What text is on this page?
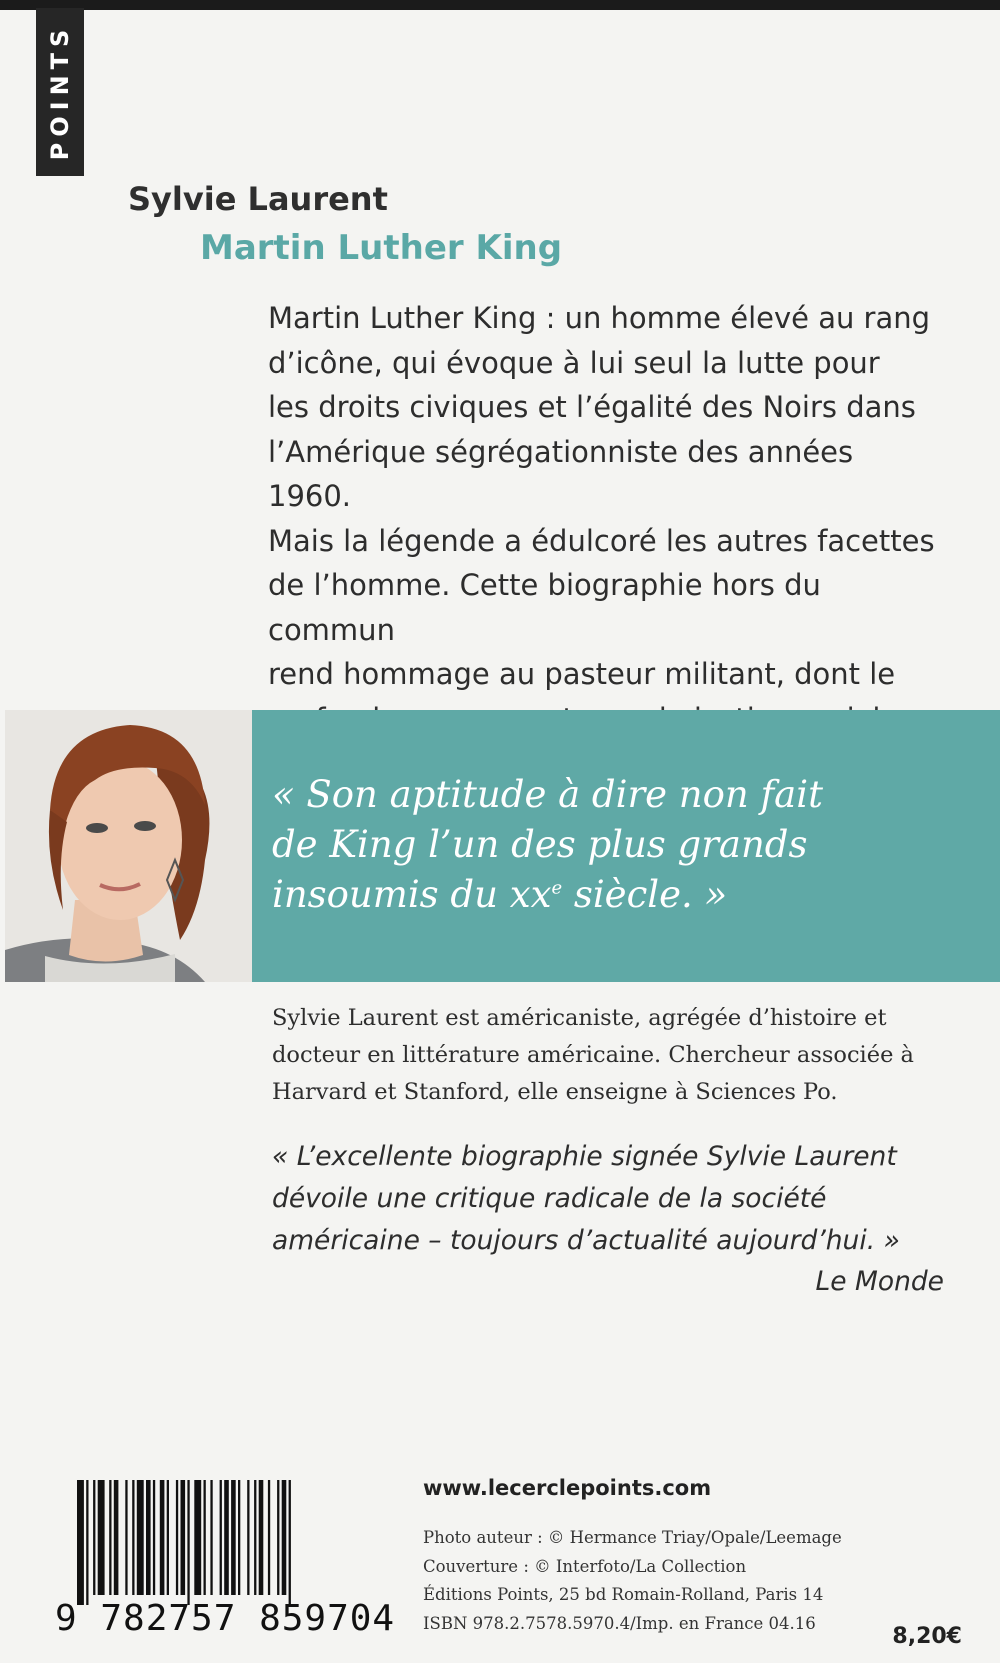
POINTS
Sylvie Laurent
Martin Luther King

Martin Luther King : un homme élevé au rang

d’icône, qui évoque à lui seul la lutte pour

les droits civiques et l’égalité des Noirs dans

l’Amérique ségrégationniste des années 1960.

Mais la légende a édulcoré les autres facettes

de l’homme. Cette biographie hors du commun

rend hommage au pasteur militant, dont le

« Son aptitude à dire non fait
de King l’un des plus grands
insoumis du $xx^e$ siècle. »
Sylvie Laurent est américaniste, agrégée d’histoire et
docteur en littérature américaine. Chercheur associée à
Harvard et Stanford, elle enseigne à Sciences Po.
« L’excellente biographie signée Sylvie Laurent
dévoile une critique radicale de la société
américaine – toujours d’actualité aujourd’hui. »
Le Monde
9 782757 859704
www.lecerclepoints.com
Photo auteur : © Hermance Triay/Opale/Leemage
Couverture : © Interfoto/La Collection
Éditions Points, 25 bd Romain-Rolland, Paris 14
ISBN 978.2.7578.5970.4/Imp. en France 04.16
8,20€
